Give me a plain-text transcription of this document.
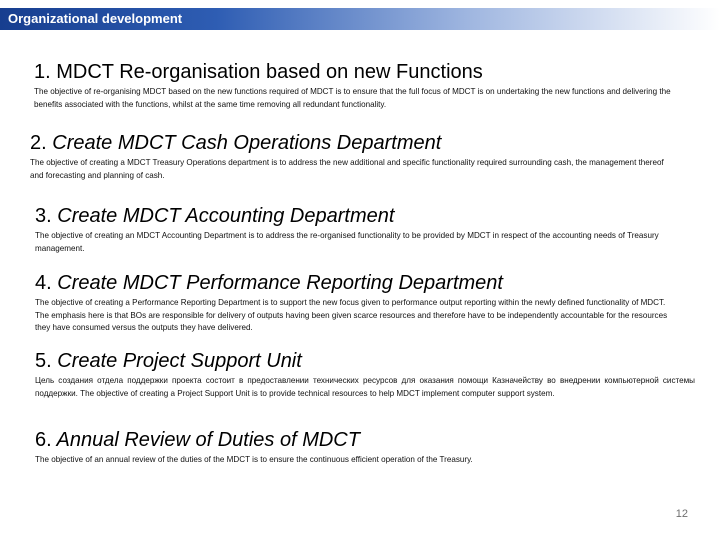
Organizational development
1. MDCT Re-organisation based on new Functions
The objective of re-organising MDCT based on the new functions required of MDCT is to ensure that the full focus of MDCT is on undertaking the new functions and delivering the benefits associated with the functions, whilst at the same time removing all redundant functionality.
2. Create MDCT Cash Operations Department
The objective of creating a MDCT Treasury Operations department is to address the new additional and specific functionality required surrounding cash, the management thereof and forecasting and planning of cash.
3. Create MDCT Accounting Department
The objective of creating an MDCT Accounting Department is to address the re-organised functionality to be provided by MDCT in respect of the accounting needs of Treasury management.
4. Create MDCT Performance Reporting Department
The objective of creating a Performance Reporting Department is to support the new focus given to performance output reporting within the newly defined functionality of MDCT. The emphasis here is that BOs are responsible for delivery of outputs having been given scarce resources and therefore have to be independently accountable for the resources they have consumed versus the outputs they have delivered.
5. Create Project Support Unit
Цель создания отдела поддержки проекта состоит в предоставлении технических ресурсов для оказания помощи Казначейству во внедрении компьютерной системы поддержки. The objective of creating a Project Support Unit is to provide technical resources to help MDCT implement computer support system.
6. Annual Review of Duties of MDCT
The objective of an annual review of the duties of the MDCT is to ensure the continuous efficient operation of the Treasury.
12
